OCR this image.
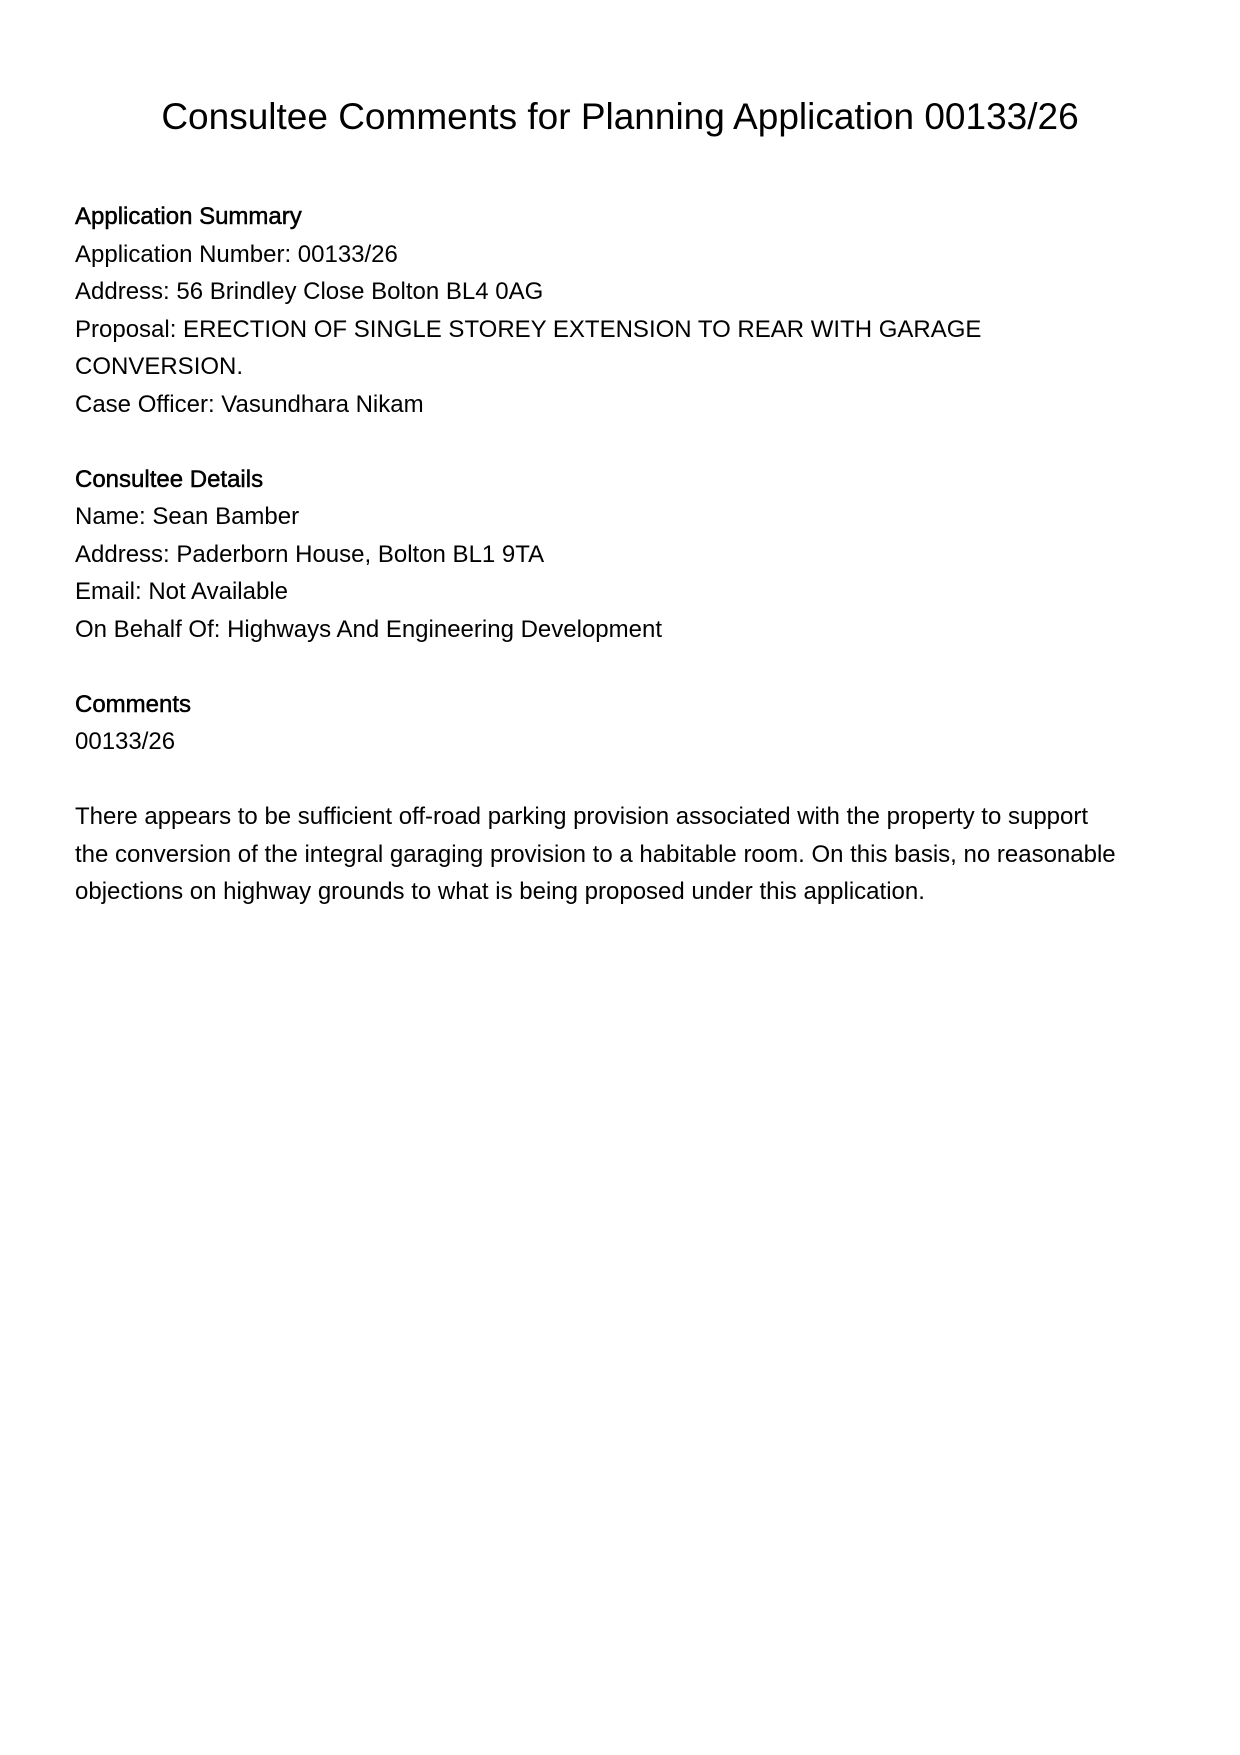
Consultee Comments for Planning Application 00133/26
Application Summary
Application Number: 00133/26
Address: 56 Brindley Close Bolton BL4 0AG
Proposal: ERECTION OF SINGLE STOREY EXTENSION TO REAR WITH GARAGE
CONVERSION.
Case Officer: Vasundhara Nikam
Consultee Details
Name: Sean Bamber
Address: Paderborn House, Bolton BL1 9TA
Email: Not Available
On Behalf Of: Highways And Engineering Development
Comments
00133/26
There appears to be sufficient off-road parking provision associated with the property to support
the conversion of the integral garaging provision to a habitable room. On this basis, no reasonable
objections on highway grounds to what is being proposed under this application.
